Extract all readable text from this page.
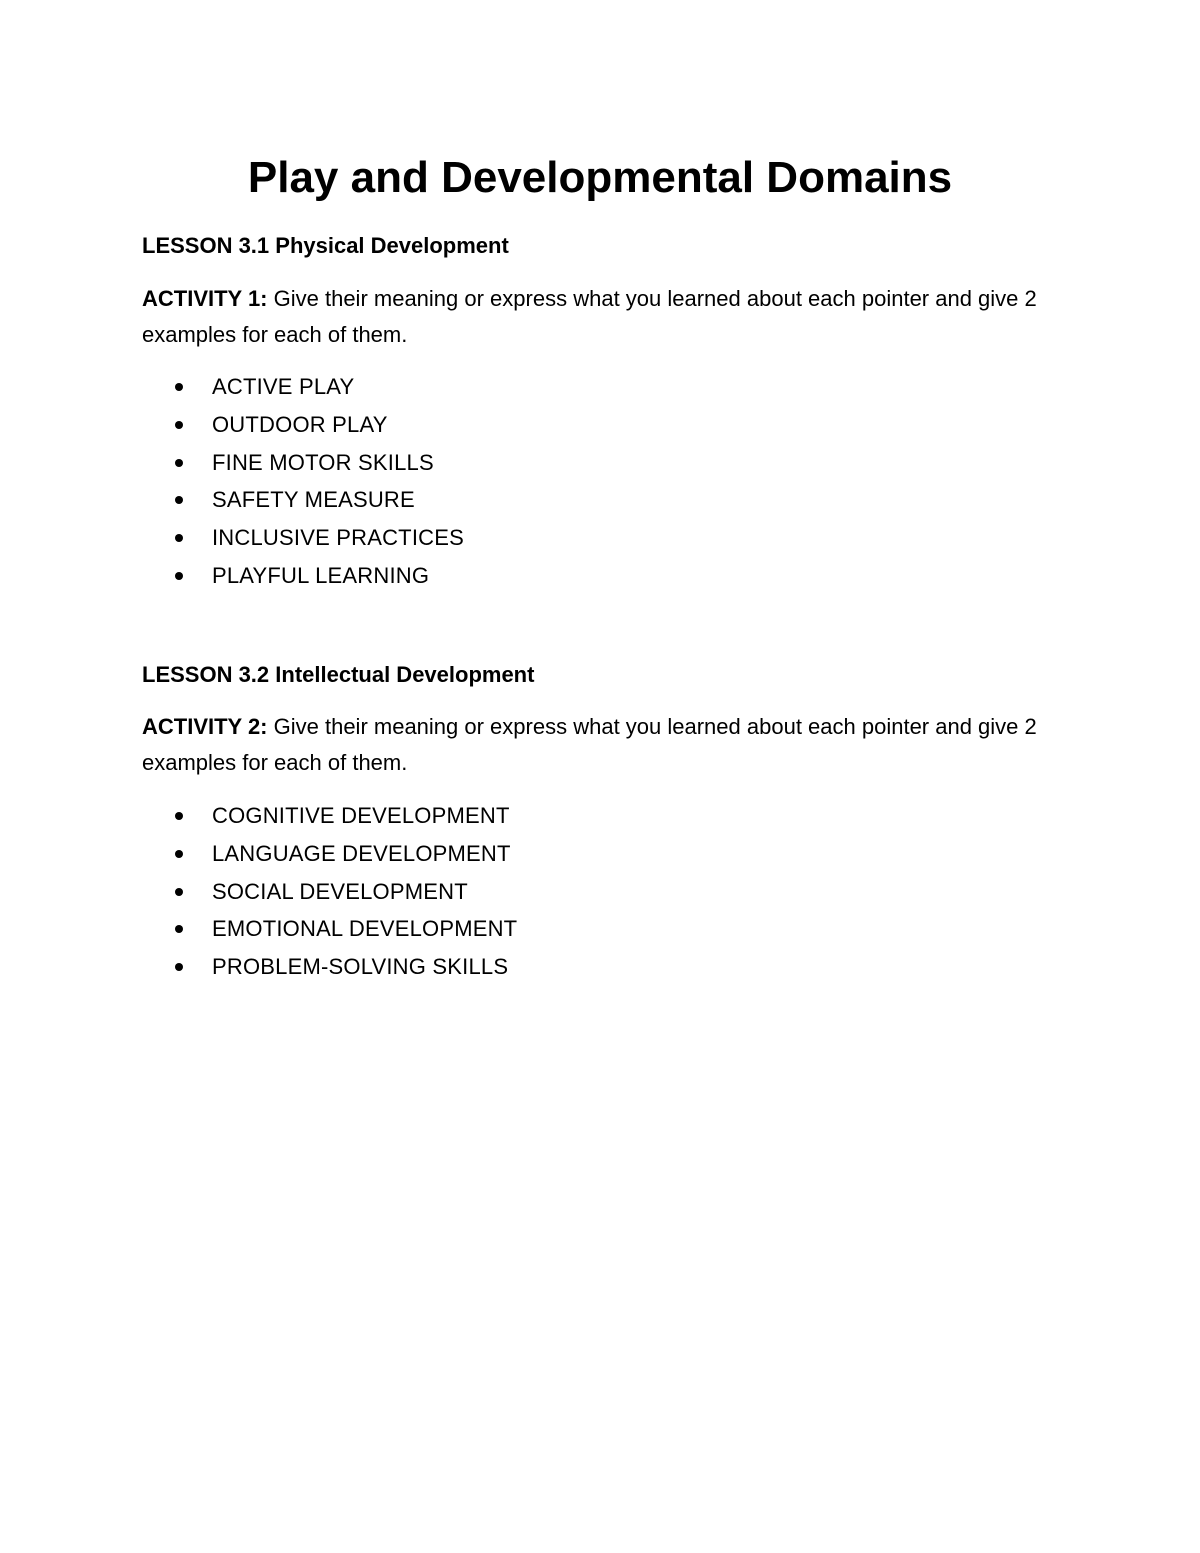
Play and Developmental Domains

LESSON 3.1 Physical Development

ACTIVITY 1: Give their meaning or express what you learned about each pointer and give 2 examples for each of them.

ACTIVE PLAY
OUTDOOR PLAY
FINE MOTOR SKILLS
SAFETY MEASURE
INCLUSIVE PRACTICES
PLAYFUL LEARNING

LESSON 3.2 Intellectual Development

ACTIVITY 2: Give their meaning or express what you learned about each pointer and give 2 examples for each of them.

COGNITIVE DEVELOPMENT
LANGUAGE DEVELOPMENT
SOCIAL DEVELOPMENT
EMOTIONAL DEVELOPMENT
PROBLEM-SOLVING SKILLS
